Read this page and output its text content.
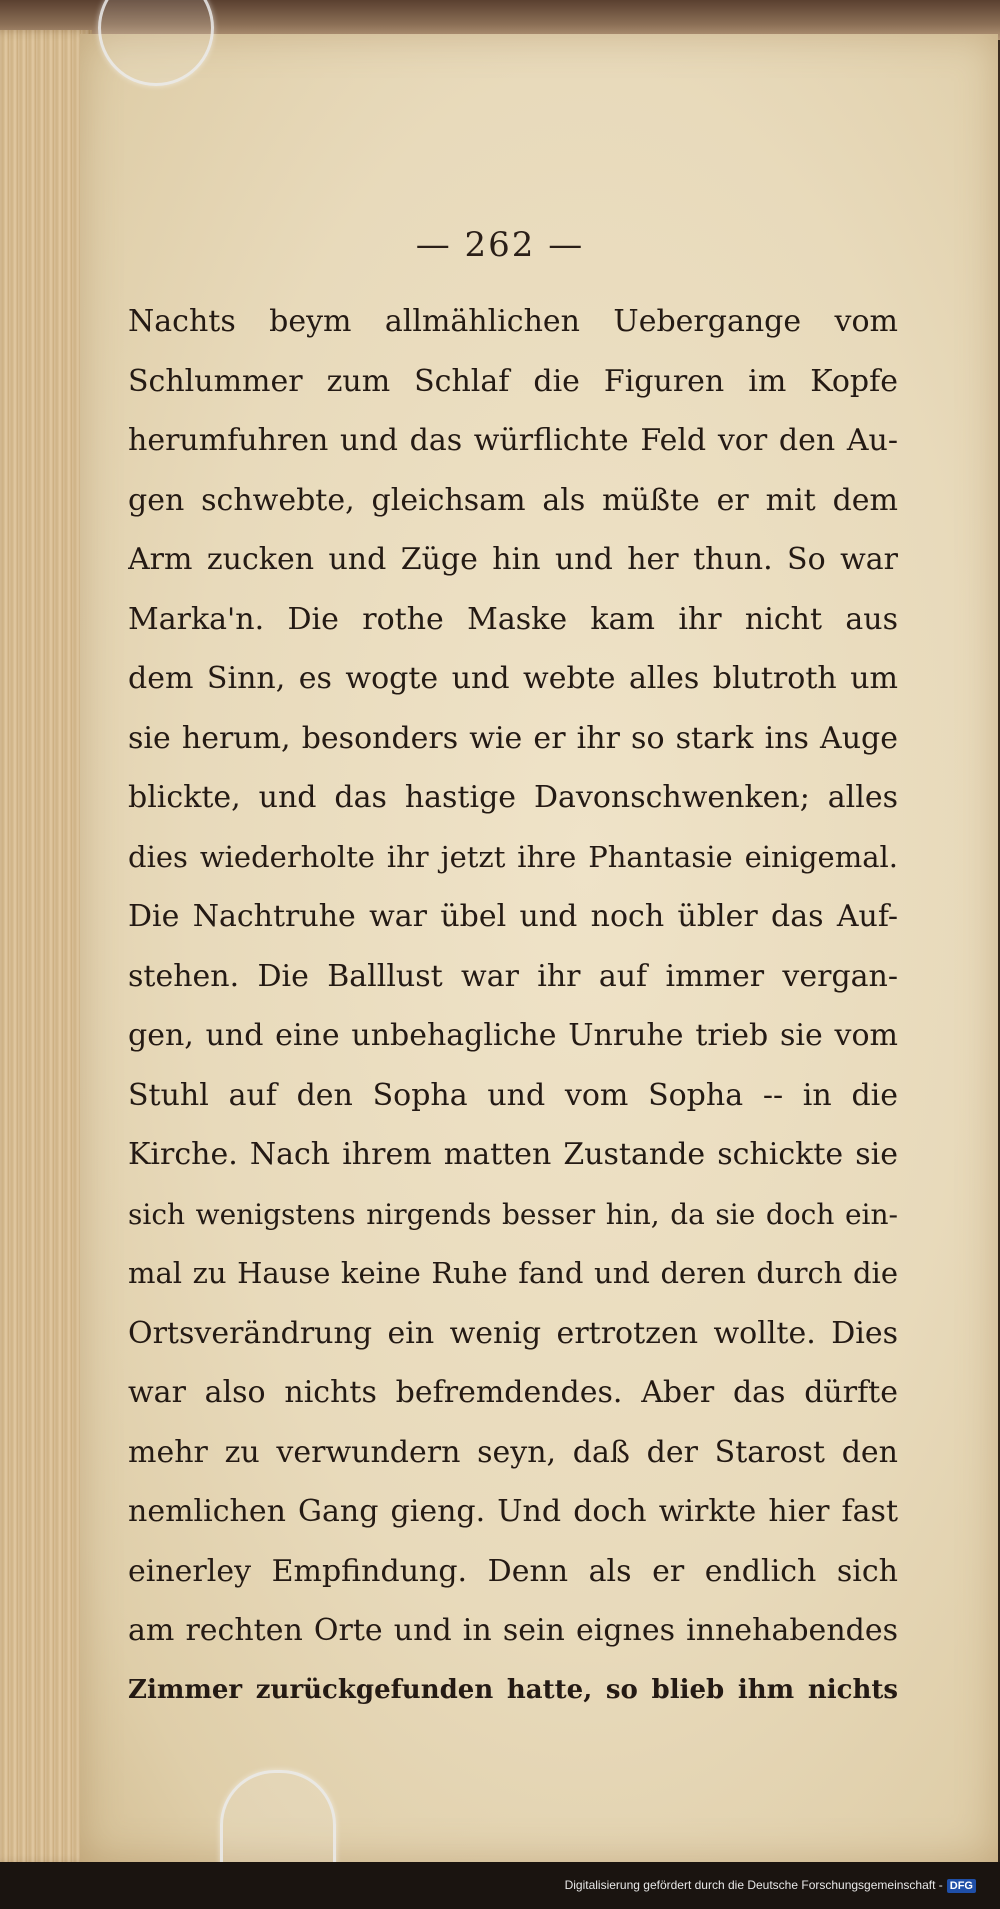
— 262 —
Nachts beym allmählichen Uebergange vom
Schlummer zum Schlaf die Figuren im Kopfe
herumfuhren und das würflichte Feld vor den Au-
gen schwebte, gleichsam als müßte er mit dem
Arm zucken und Züge hin und her thun. So war
Marka'n. Die rothe Maske kam ihr nicht aus
dem Sinn, es wogte und webte alles blutroth um
sie herum, besonders wie er ihr so stark ins Auge
blickte, und das hastige Davonschwenken; alles
dies wiederholte ihr jetzt ihre Phantasie einigemal.
Die Nachtruhe war übel und noch übler das Auf-
stehen. Die Balllust war ihr auf immer vergan-
gen, und eine unbehagliche Unruhe trieb sie vom
Stuhl auf den Sopha und vom Sopha -- in die
Kirche. Nach ihrem matten Zustande schickte sie
sich wenigstens nirgends besser hin, da sie doch ein-
mal zu Hause keine Ruhe fand und deren durch die
Ortsverändrung ein wenig ertrotzen wollte. Dies
war also nichts befremdendes. Aber das dürfte
mehr zu verwundern seyn, daß der Starost den
nemlichen Gang gieng. Und doch wirkte hier fast
einerley Empfindung. Denn als er endlich sich
am rechten Orte und in sein eignes innehabendes
Zimmer zurückgefunden hatte, so blieb ihm nichts
Digitalisierung gefördert durch die Deutsche Forschungsgemeinschaft - DFG
